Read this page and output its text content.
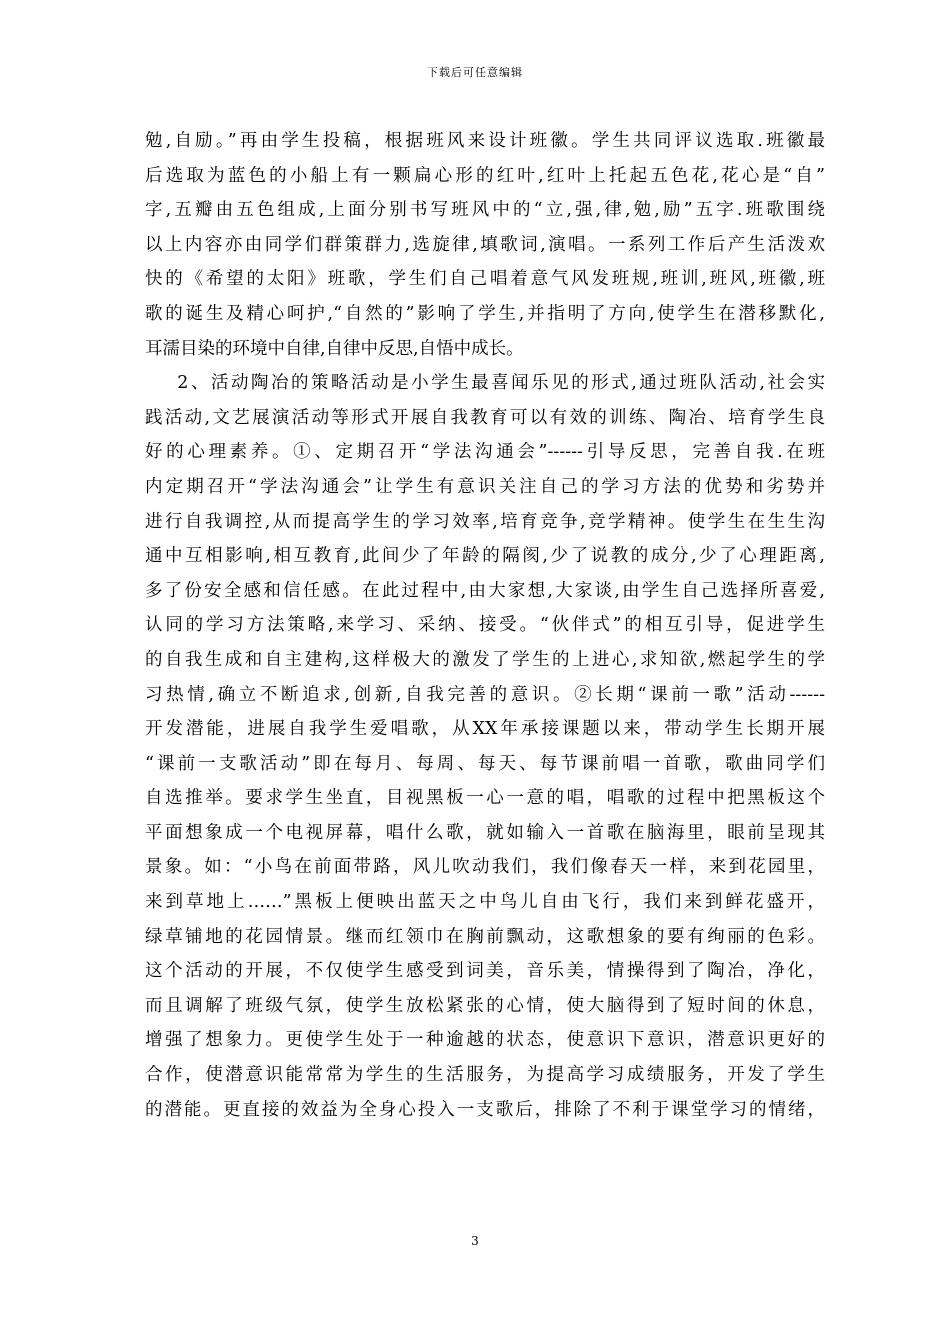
下载后可任意编辑
勉,自励。”再由学生投稿，根据班风来设计班徽。学生共同评议选取.班徽最
后选取为蓝色的小船上有一颗扁心形的红叶,红叶上托起五色花,花心是“自”
字,五瓣由五色组成,上面分别书写班风中的“立,强,律,勉,励”五字.班歌围绕
以上内容亦由同学们群策群力,选旋律,填歌词,演唱。一系列工作后产生活泼欢
快的《希望的太阳》班歌，学生们自己唱着意气风发班规,班训,班风,班徽,班
歌的诞生及精心呵护,“自然的”影响了学生,并指明了方向,使学生在潜移默化,
耳濡目染的环境中自律,自律中反思,自悟中成长。
2、活动陶冶的策略活动是小学生最喜闻乐见的形式,通过班队活动,社会实
践活动,文艺展演活动等形式开展自我教育可以有效的训练、陶冶、培育学生良
好的心理素养。①、定期召开“学法沟通会”------引导反思，完善自我.在班
内定期召开“学法沟通会”让学生有意识关注自己的学习方法的优势和劣势并
进行自我调控,从而提高学生的学习效率,培育竞争,竞学精神。使学生在生生沟
通中互相影响,相互教育,此间少了年龄的隔阂,少了说教的成分,少了心理距离,
多了份安全感和信任感。在此过程中,由大家想,大家谈,由学生自己选择所喜爱,
认同的学习方法策略,来学习、采纳、接受。“伙伴式”的相互引导，促进学生
的自我生成和自主建构,这样极大的激发了学生的上进心,求知欲,燃起学生的学
习热情,确立不断追求,创新,自我完善的意识。②长期“课前一歌”活动------
开发潜能，进展自我学生爱唱歌，从XX年承接课题以来，带动学生长期开展
“课前一支歌活动”即在每月、每周、每天、每节课前唱一首歌，歌曲同学们
自选推举。要求学生坐直，目视黑板一心一意的唱，唱歌的过程中把黑板这个
平面想象成一个电视屏幕，唱什么歌，就如输入一首歌在脑海里，眼前呈现其
景象。如：“小鸟在前面带路，风儿吹动我们，我们像春天一样，来到花园里，
来到草地上……”黑板上便映出蓝天之中鸟儿自由飞行，我们来到鲜花盛开，
绿草铺地的花园情景。继而红领巾在胸前飘动，这歌想象的要有绚丽的色彩。
这个活动的开展，不仅使学生感受到词美，音乐美，情操得到了陶冶，净化，
而且调解了班级气氛，使学生放松紧张的心情，使大脑得到了短时间的休息，
增强了想象力。更使学生处于一种逾越的状态，使意识下意识，潜意识更好的
合作，使潜意识能常常为学生的生活服务，为提高学习成绩服务，开发了学生
的潜能。更直接的效益为全身心投入一支歌后，排除了不利于课堂学习的情绪，
3
